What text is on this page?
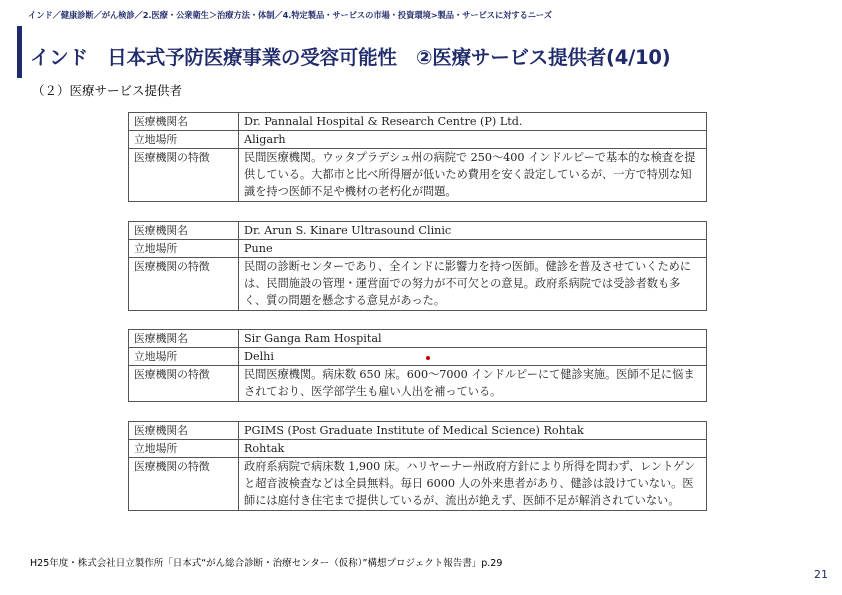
インド／健康診断／がん検診／2.医療・公衆衛生＞治療方法・体制／4.特定製品・サービスの市場・投資環境>製品・サービスに対するニーズ
インド　日本式予防医療事業の受容可能性　②医療サービス提供者(4/10)
（２）医療サービス提供者
医療機関名	Dr. Pannalal Hospital & Research Centre (P) Ltd.
立地場所	Aligarh
医療機関の特徴	民間医療機関。ウッタプラデシュ州の病院で 250～400 インドルピーで基本的な検査を提供している。大都市と比べ所得層が低いため費用を安く設定しているが、一方で特別な知識を持つ医師不足や機材の老朽化が問題。
医療機関名	Dr. Arun S. Kinare Ultrasound Clinic
立地場所	Pune
医療機関の特徴	民間の診断センターであり、全インドに影響力を持つ医師。健診を普及させていくためには、民間施設の管理・運営面での努力が不可欠との意見。政府系病院では受診者数も多く、質の問題を懸念する意見があった。
医療機関名	Sir Ganga Ram Hospital
立地場所	Delhi
医療機関の特徴	民間医療機関。病床数 650 床。600～7000 インドルピーにて健診実施。医師不足に悩まされており、医学部学生も雇い人出を補っている。
医療機関名	PGIMS (Post Graduate Institute of Medical Science) Rohtak
立地場所	Rohtak
医療機関の特徴	政府系病院で病床数 1,900 床。ハリヤーナー州政府方針により所得を問わず、レントゲンと超音波検査などは全員無料。毎日 6000 人の外来患者があり、健診は設けていない。医師には庭付き住宅まで提供しているが、流出が絶えず、医師不足が解消されていない。
H25年度・株式会社日立製作所「日本式“がん総合診断・治療センター（仮称）”構想プロジェクト報告書」p.29
21
